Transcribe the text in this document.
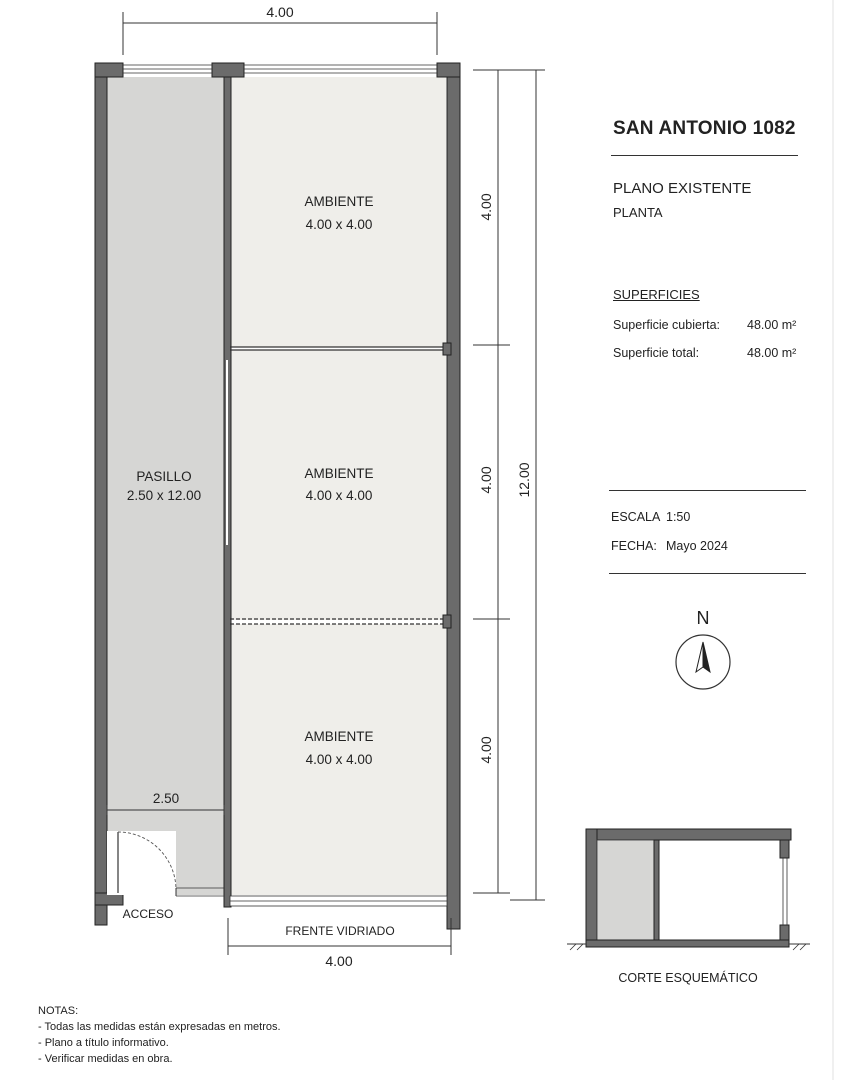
4.00
2.50
PASILLO
2.50 x 12.00
AMBIENTE
4.00 x 4.00
AMBIENTE
4.00 x 4.00
AMBIENTE
4.00 x 4.00
ACCESO
FRENTE VIDRIADO
4.00
4.00
4.00
4.00
12.00
N
CORTE ESQUEMÁTICO
SAN ANTONIO 1082
PLANO EXISTENTE
PLANTA
SUPERFICIES
Superficie cubierta: 48.00 m²
Superficie total:	48.00 m²
ESCALA 1:50
FECHA: Mayo 2024
NOTAS:
- Todas las medidas están expresadas en metros.
- Plano a título informativo.
- Verificar medidas en obra.
